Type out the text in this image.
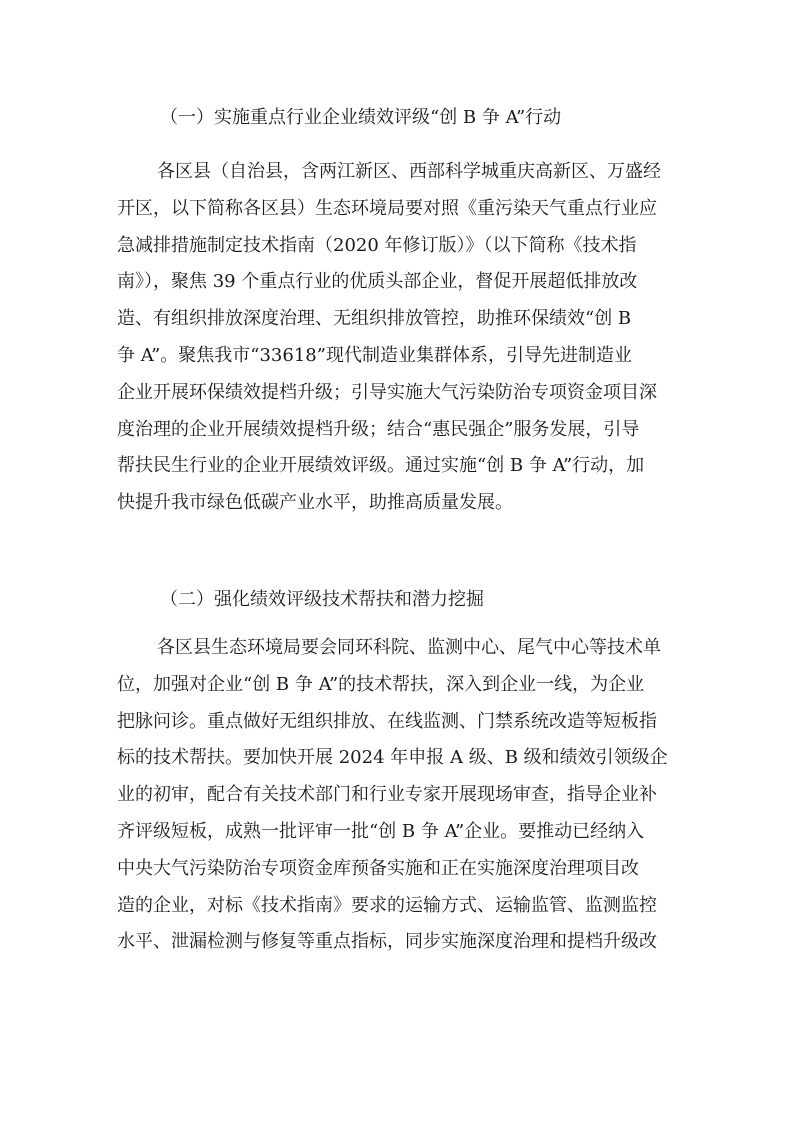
（一）实施重点行业企业绩效评级“创 B 争 A”行动
各区县（自治县，含两江新区、西部科学城重庆高新区、万盛经
开区，以下简称各区县）生态环境局要对照《重污染天气重点行业应
急减排措施制定技术指南（2020 年修订版）》（以下简称《技术指
南》），聚焦 39 个重点行业的优质头部企业，督促开展超低排放改
造、有组织排放深度治理、无组织排放管控，助推环保绩效“创 B
争 A”。聚焦我市“33618”现代制造业集群体系，引导先进制造业
企业开展环保绩效提档升级；引导实施大气污染防治专项资金项目深
度治理的企业开展绩效提档升级；结合“惠民强企”服务发展，引导
帮扶民生行业的企业开展绩效评级。通过实施“创 B 争 A”行动，加
快提升我市绿色低碳产业水平，助推高质量发展。
（二）强化绩效评级技术帮扶和潜力挖掘
各区县生态环境局要会同环科院、监测中心、尾气中心等技术单
位，加强对企业“创 B 争 A”的技术帮扶，深入到企业一线，为企业
把脉问诊。重点做好无组织排放、在线监测、门禁系统改造等短板指
标的技术帮扶。要加快开展 2024 年申报 A 级、B 级和绩效引领级企
业的初审，配合有关技术部门和行业专家开展现场审查，指导企业补
齐评级短板，成熟一批评审一批“创 B 争 A”企业。要推动已经纳入
中央大气污染防治专项资金库预备实施和正在实施深度治理项目改
造的企业，对标《技术指南》要求的运输方式、运输监管、监测监控
水平、泄漏检测与修复等重点指标，同步实施深度治理和提档升级改
